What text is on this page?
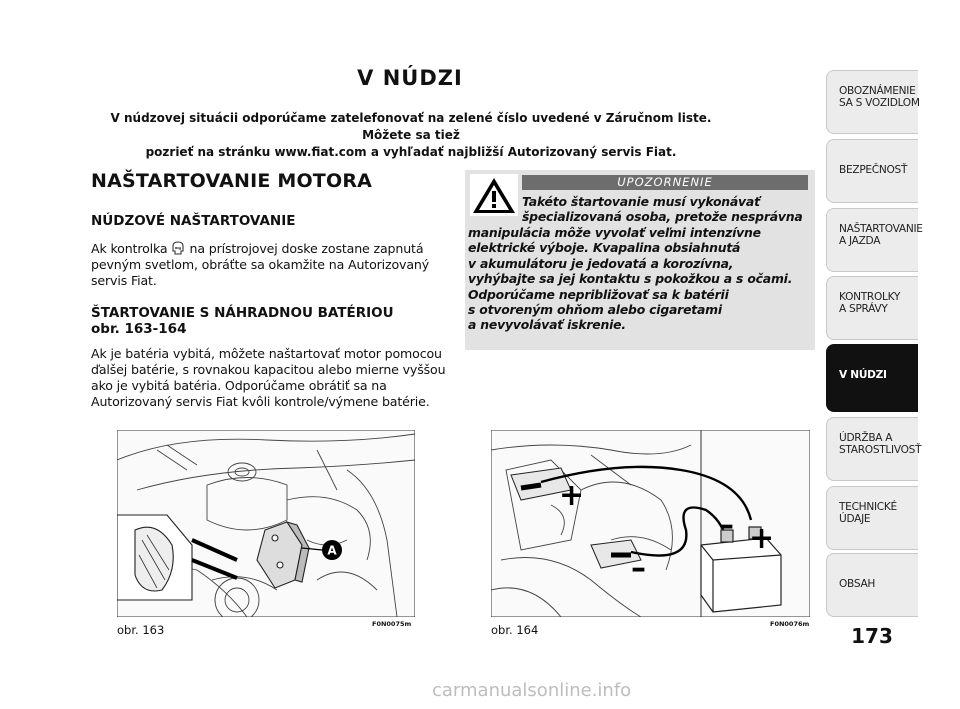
V NÚDZI
V núdzovej situácii odporúčame zatelefonovať na zelené číslo uvedené v Záručnom liste. Môžete sa tiež
pozrieť na stránku www.fiat.com a vyhľadať najbližší Autorizovaný servis Fiat.
NAŠTARTOVANIE MOTORA
NÚDZOVÉ NAŠTARTOVANIE
Ak kontrolka na prístrojovej doske zostane zapnutá
pevným svetlom, obráťte sa okamžite na Autorizovaný
servis Fiat.
ŠTARTOVANIE S NÁHRADNOU BATÉRIOU
obr. 163-164
Ak je batéria vybitá, môžete naštartovať motor pomocou
ďalšej batérie, s rovnakou kapacitou alebo mierne vyššou
ako je vybitá batéria. Odporúčame obrátiť sa na
Autorizovaný servis Fiat kvôli kontrole/výmene batérie.
UPOZORNENIE
Takéto štartovanie musí vykonávať
špecializovaná osoba, pretože nesprávna
manipulácia môže vyvolať veľmi intenzívne
elektrické výboje. Kvapalina obsiahnutá
v akumulátoru je jedovatá a korozívna,
vyhýbajte sa jej kontaktu s pokožkou a s očami.
Odporúčame nepribližovať sa k batérii
s otvoreným ohňom alebo cigaretami
a nevyvolávať iskrenie.
A
obr. 163	F0N0075m
+
+
–
–
obr. 164	F0N0076m
OBOZNÁMENIE
SA S VOZIDLOM
BEZPEČNOSŤ
NAŠTARTOVANIE
A JAZDA
KONTROLKY
A SPRÁVY
V NÚDZI
ÚDRŽBA A
STAROSTLIVOSŤ
TECHNICKÉ
ÚDAJE
OBSAH
173
carmanualsonline.info
